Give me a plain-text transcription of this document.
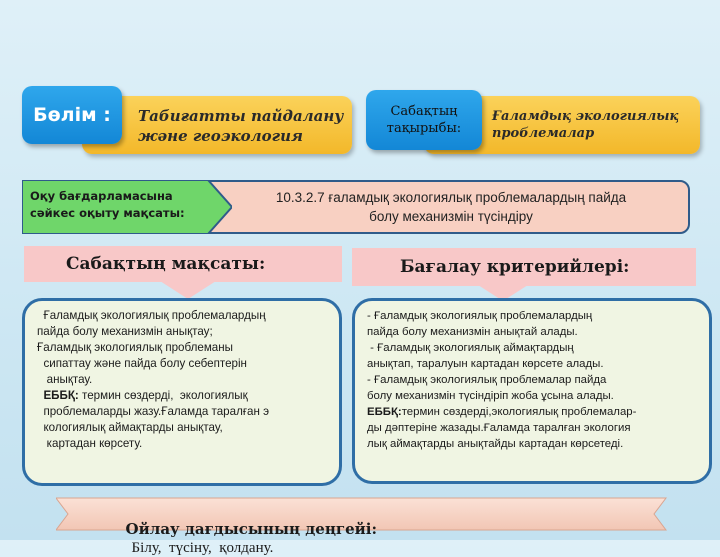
Табиғатты пайдалану
және геоэкология
Бөлім :	Ғаламдық экологиялық
проблемалар
Сабақтың
тақырыбы:
10.3.2.7 ғаламдық экологиялық проблемалардың пайда
болу механизмін түсіндіру
Оқу бағдарламасына
сәйкес оқыту мақсаты:
Сабақтың мақсаты:	Бағалау критерийлері:

Ғаламдық экологиялық проблемалардың

пайда болу механизмін анықтау;

Ғаламдық экологиялық проблеманы

сипаттау және пайда болу себептерін

анықтау.

ЕББҚ: термин сөздерді,  экологиялық

проблемаларды жазу.Ғаламда таралған э

кологиялық аймақтарды анықтау,

картадан көрсету.

- Ғаламдық экологиялық проблемалардың

пайда болу механизмін анықтай алады.

- Ғаламдық экологиялық аймақтардың

анықтап, таралуын картадан көрсете алады.

- Ғаламдық экологиялық проблемалар пайда

болу механизмін түсіндіріп жоба ұсына алады.

ЕББҚ:термин сөздерді,экологиялық проблемалар-

ды дәптеріне жазады.Ғаламда таралған экология

лық аймақтарды анықтайды картадан көрсетеді.

Ойлау дағдысының деңгейі:
Білу,  түсіну,  қолдану.
